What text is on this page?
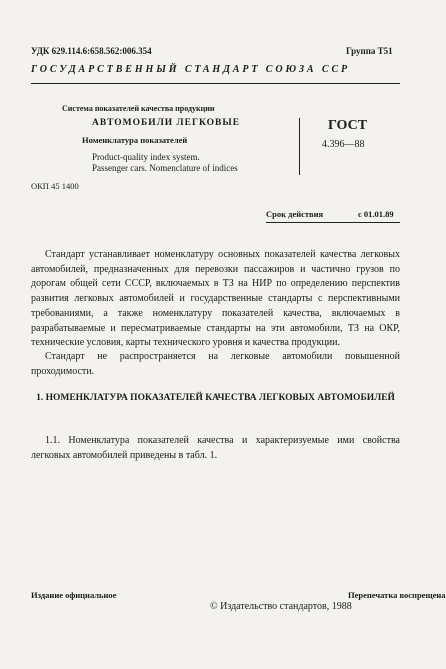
УДК 629.114.6:658.562:006.354	Группа Т51
ГОСУДАРСТВЕННЫЙ СТАНДАРТ СОЮЗА ССР
Система показателей качества продукции
АВТОМОБИЛИ ЛЕГКОВЫЕ
Номенклатура показателей
Product-quality index system.
Passenger cars. Nomenclature of indices
ГОСТ
4.396—88
ОКП 45 1400
Срок действия	с 01.01.89

Стандарт устанавливает номенклатуру основных показателей качества легковых автомобилей, предназначенных для перевозки пассажиров и частично грузов по дорогам общей сети СССР, включаемых в ТЗ на НИР по определению перспектив развития легковых автомобилей и государственные стандарты с перспективными требованиями, а также номенклатуру показателей качества, включаемых в разрабатываемые и пересматриваемые стандарты на эти автомобили, ТЗ на ОКР, технические условия, карты технического уровня и качества продукции.

Стандарт не распространяется на легковые автомобили повышенной проходимости.

1. НОМЕНКЛАТУРА ПОКАЗАТЕЛЕЙ КАЧЕСТВА ЛЕГКОВЫХ АВТОМОБИЛЕЙ

1.1. Номенклатура показателей качества и характеризуемые ими свойства легковых автомобилей приведены в табл. 1.

Издание официальное	Перепечатка воспрещена
© Издательство стандартов, 1988
